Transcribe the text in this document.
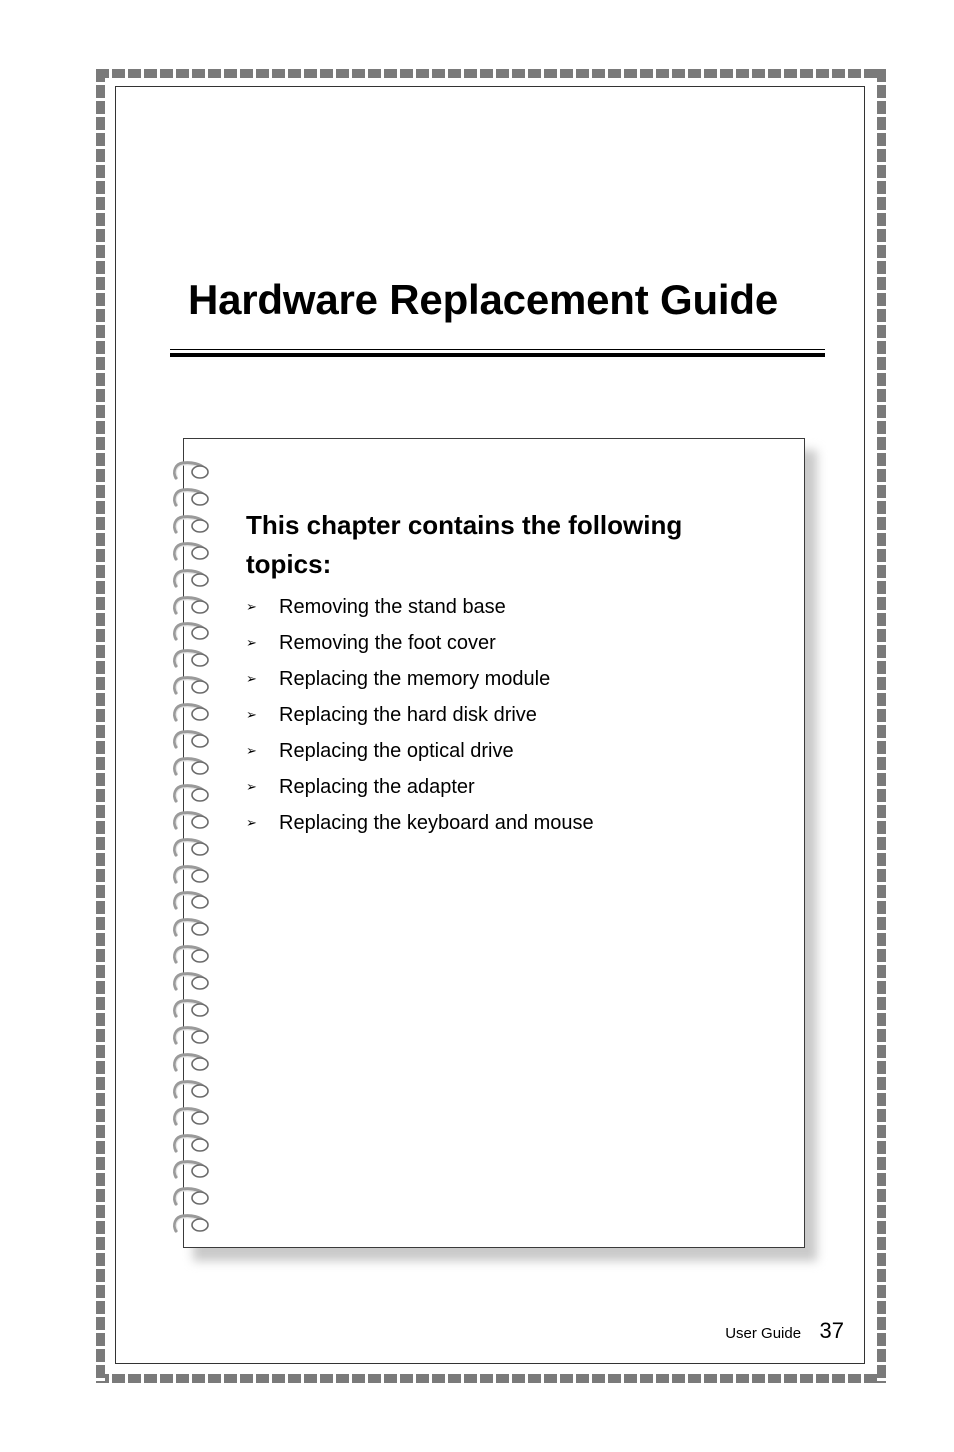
Hardware Replacement Guide
This chapter contains the following topics:
➢	Removing the stand base
➢	Removing the foot cover
➢	Replacing the memory module
➢	Replacing the hard disk drive
➢	Replacing the optical drive
➢	Replacing the adapter
➢	Replacing the keyboard and mouse
User Guide 37
